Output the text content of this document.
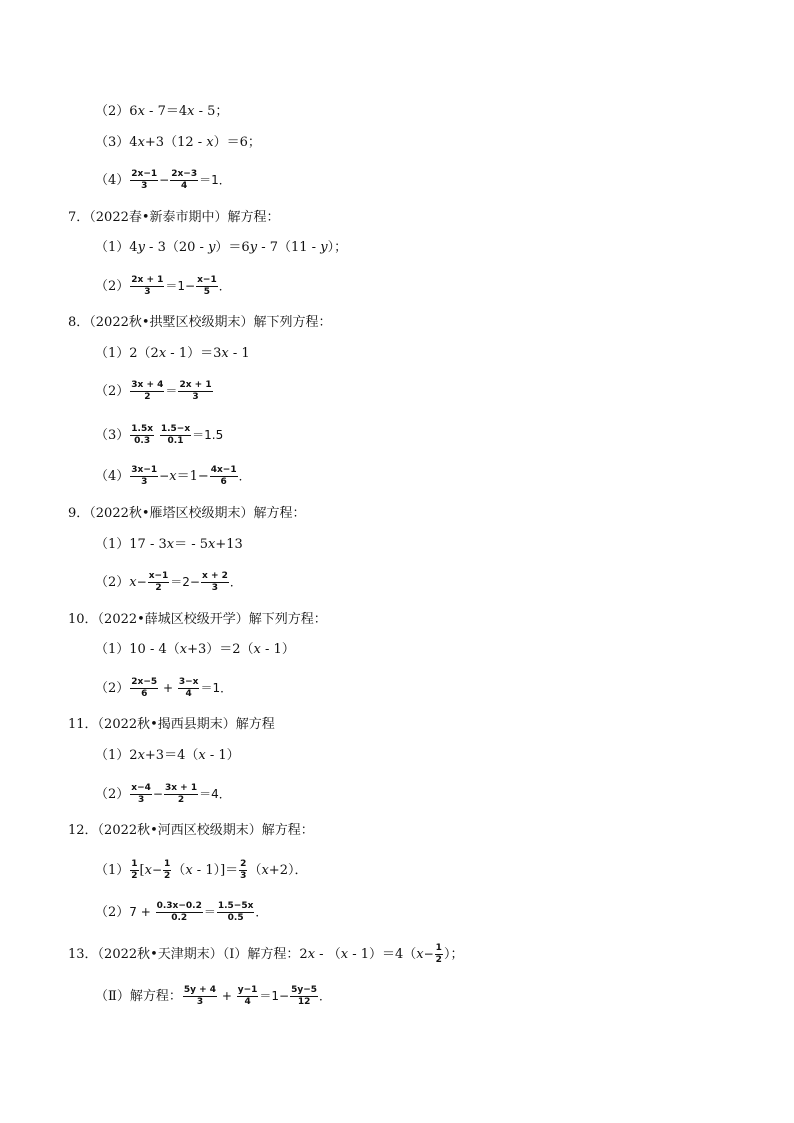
（2）6x - 7＝4x - 5；
（3）4x+3（12 - x）＝6；
$(4) \frac{2x-1}{3} - \frac{2x-3}{4} =1$．
7．（2022春•新泰市期中）解方程：
（1）4y - 3（20 - y）＝6y - 7（11 - y）；
$(2) \frac{2x + 1}{3} =1- \frac{x-1}{5}$ ．
8．（2022秋•拱墅区校级期末）解下列方程：
（1）2（2x - 1）＝3x - 1
$(2) \frac{3x + 4}{2} = \frac{2x + 1}{3}$
$(3) \frac{1.5x}{0.3}$
$\frac{1.5-x}{0.1} =1.5$
$(4) \frac{3x-1}{3} -x=1- \frac{4x-1}{6}$ ．
9．（2022秋•雁塔区校级期末）解方程：
（1）17 - 3x＝ - 5x+13
$(2)x- \frac{x-1}{2} =2- \frac{x + 2}{3}$ ．
10．（2022•薛城区校级开学）解下列方程：
（1）10 - 4（x+3）＝2（x - 1）
$(2) \frac{2x-5}{6} + \frac{3-x}{4} =1$．
11．（2022秋•揭西县期末）解方程
（1）2x+3＝4（x - 1）
$(2) \frac{x-4}{3} - \frac{3x + 1}{2} =4$．
12．（2022秋•河西区校级期末）解方程：
$(1) \frac{1}{2} [x- \frac{1}{2} (x - 1)]= \frac{2}{3} (x+2)$．
$(2)7 + \frac{0.3x-0.2}{0.2} = \frac{1.5-5x}{0.5}$ ．
13．（2022秋•天津期末）（Ⅰ）解方程：$2x - (x - 1)=4(x- \frac{1}{2}$ ）；
（Ⅱ）解方程： $\frac{5y + 4}{3} + \frac{y-1}{4} =1- \frac{5y-5}{12}$ ．
